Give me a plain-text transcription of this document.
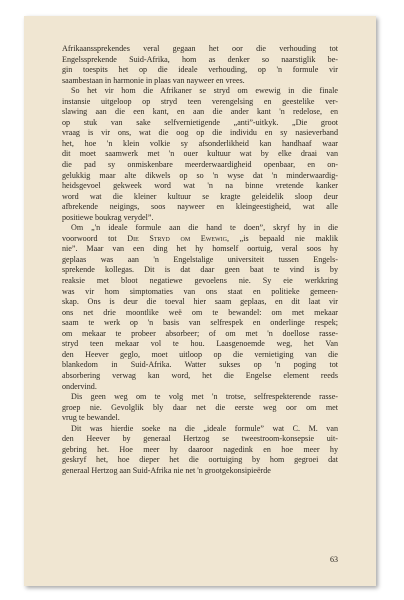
Afrikaanssprekendes veral gegaan het oor die verhouding tot
Engelssprekende Suid-Afrika, hom as denker so naarstiglik be-
gin toespits het op die ideale verhouding, op 'n formule vir
saambestaan in harmonie in plaas van nayweer en vrees.
So het vir hom die Afrikaner se stryd om ewewig in die finale
instansie uitgeloop op stryd teen verengelsing en geestelike ver-
slawing aan die een kant, en aan die ander kant 'n redelose, en
op stuk van sake selfvernietigende „anti”-uitkyk. „Die groot
vraag is vir ons, wat die oog op die individu en sy nasieverband
het, hoe 'n klein volkie sy afsonderlikheid kan handhaaf waar
dit moet saamwerk met 'n ouer kultuur wat by elke draai van
die pad sy onmiskenbare meerderwaardigheid openbaar, en on-
gelukkig maar alte dikwels op so 'n wyse dat 'n minderwaardig-
heidsgevoel gekweek word wat 'n na binne vretende kanker
word wat die kleiner kultuur se kragte geleidelik sloop deur
afbrekende neigings, soos nayweer en kleingeestigheid, wat alle
positiewe boukrag verydel”.
Om „'n ideale formule aan die hand te doen”, skryf hy in die
voorwoord tot Die Stryd om Ewewig, „is bepaald nie maklik
nie”. Maar van een ding het hy homself oortuig, veral soos hy
geplaas was aan 'n Engelstalige universiteit tussen Engels-
sprekende kollegas. Dit is dat daar geen baat te vind is by
reaksie met bloot negatiewe gevoelens nie. Sy eie werkkring
was vir hom simptomaties van ons staat en politieke gemeen-
skap. Ons is deur die toeval hier saam geplaas, en dit laat vir
ons net drie moontlike weë om te bewandel: om met mekaar
saam te werk op 'n basis van selfrespek en onderlinge respek;
om mekaar te probeer absorbeer; of om met 'n doellose rasse-
stryd teen mekaar vol te hou. Laasgenoemde weg, het Van
den Heever geglo, moet uitloop op die vernietiging van die
blankedom in Suid-Afrika. Watter sukses op 'n poging tot
absorbering verwag kan word, het die Engelse element reeds
ondervind.
Dis geen weg om te volg met 'n trotse, selfrespekterende rasse-
groep nie. Gevolglik bly daar net die eerste weg oor om met
vrug te bewandel.
Dit was hierdie soeke na die „ideale formule” wat C. M. van
den Heever by generaal Hertzog se tweestroom-konsepsie uit-
gebring het. Hoe meer hy daaroor nagedink en hoe meer hy
geskryf het, hoe dieper het die oortuiging by hom gegroei dat
generaal Hertzog aan Suid-Afrika nie net 'n grootgekonsipieërde
63
